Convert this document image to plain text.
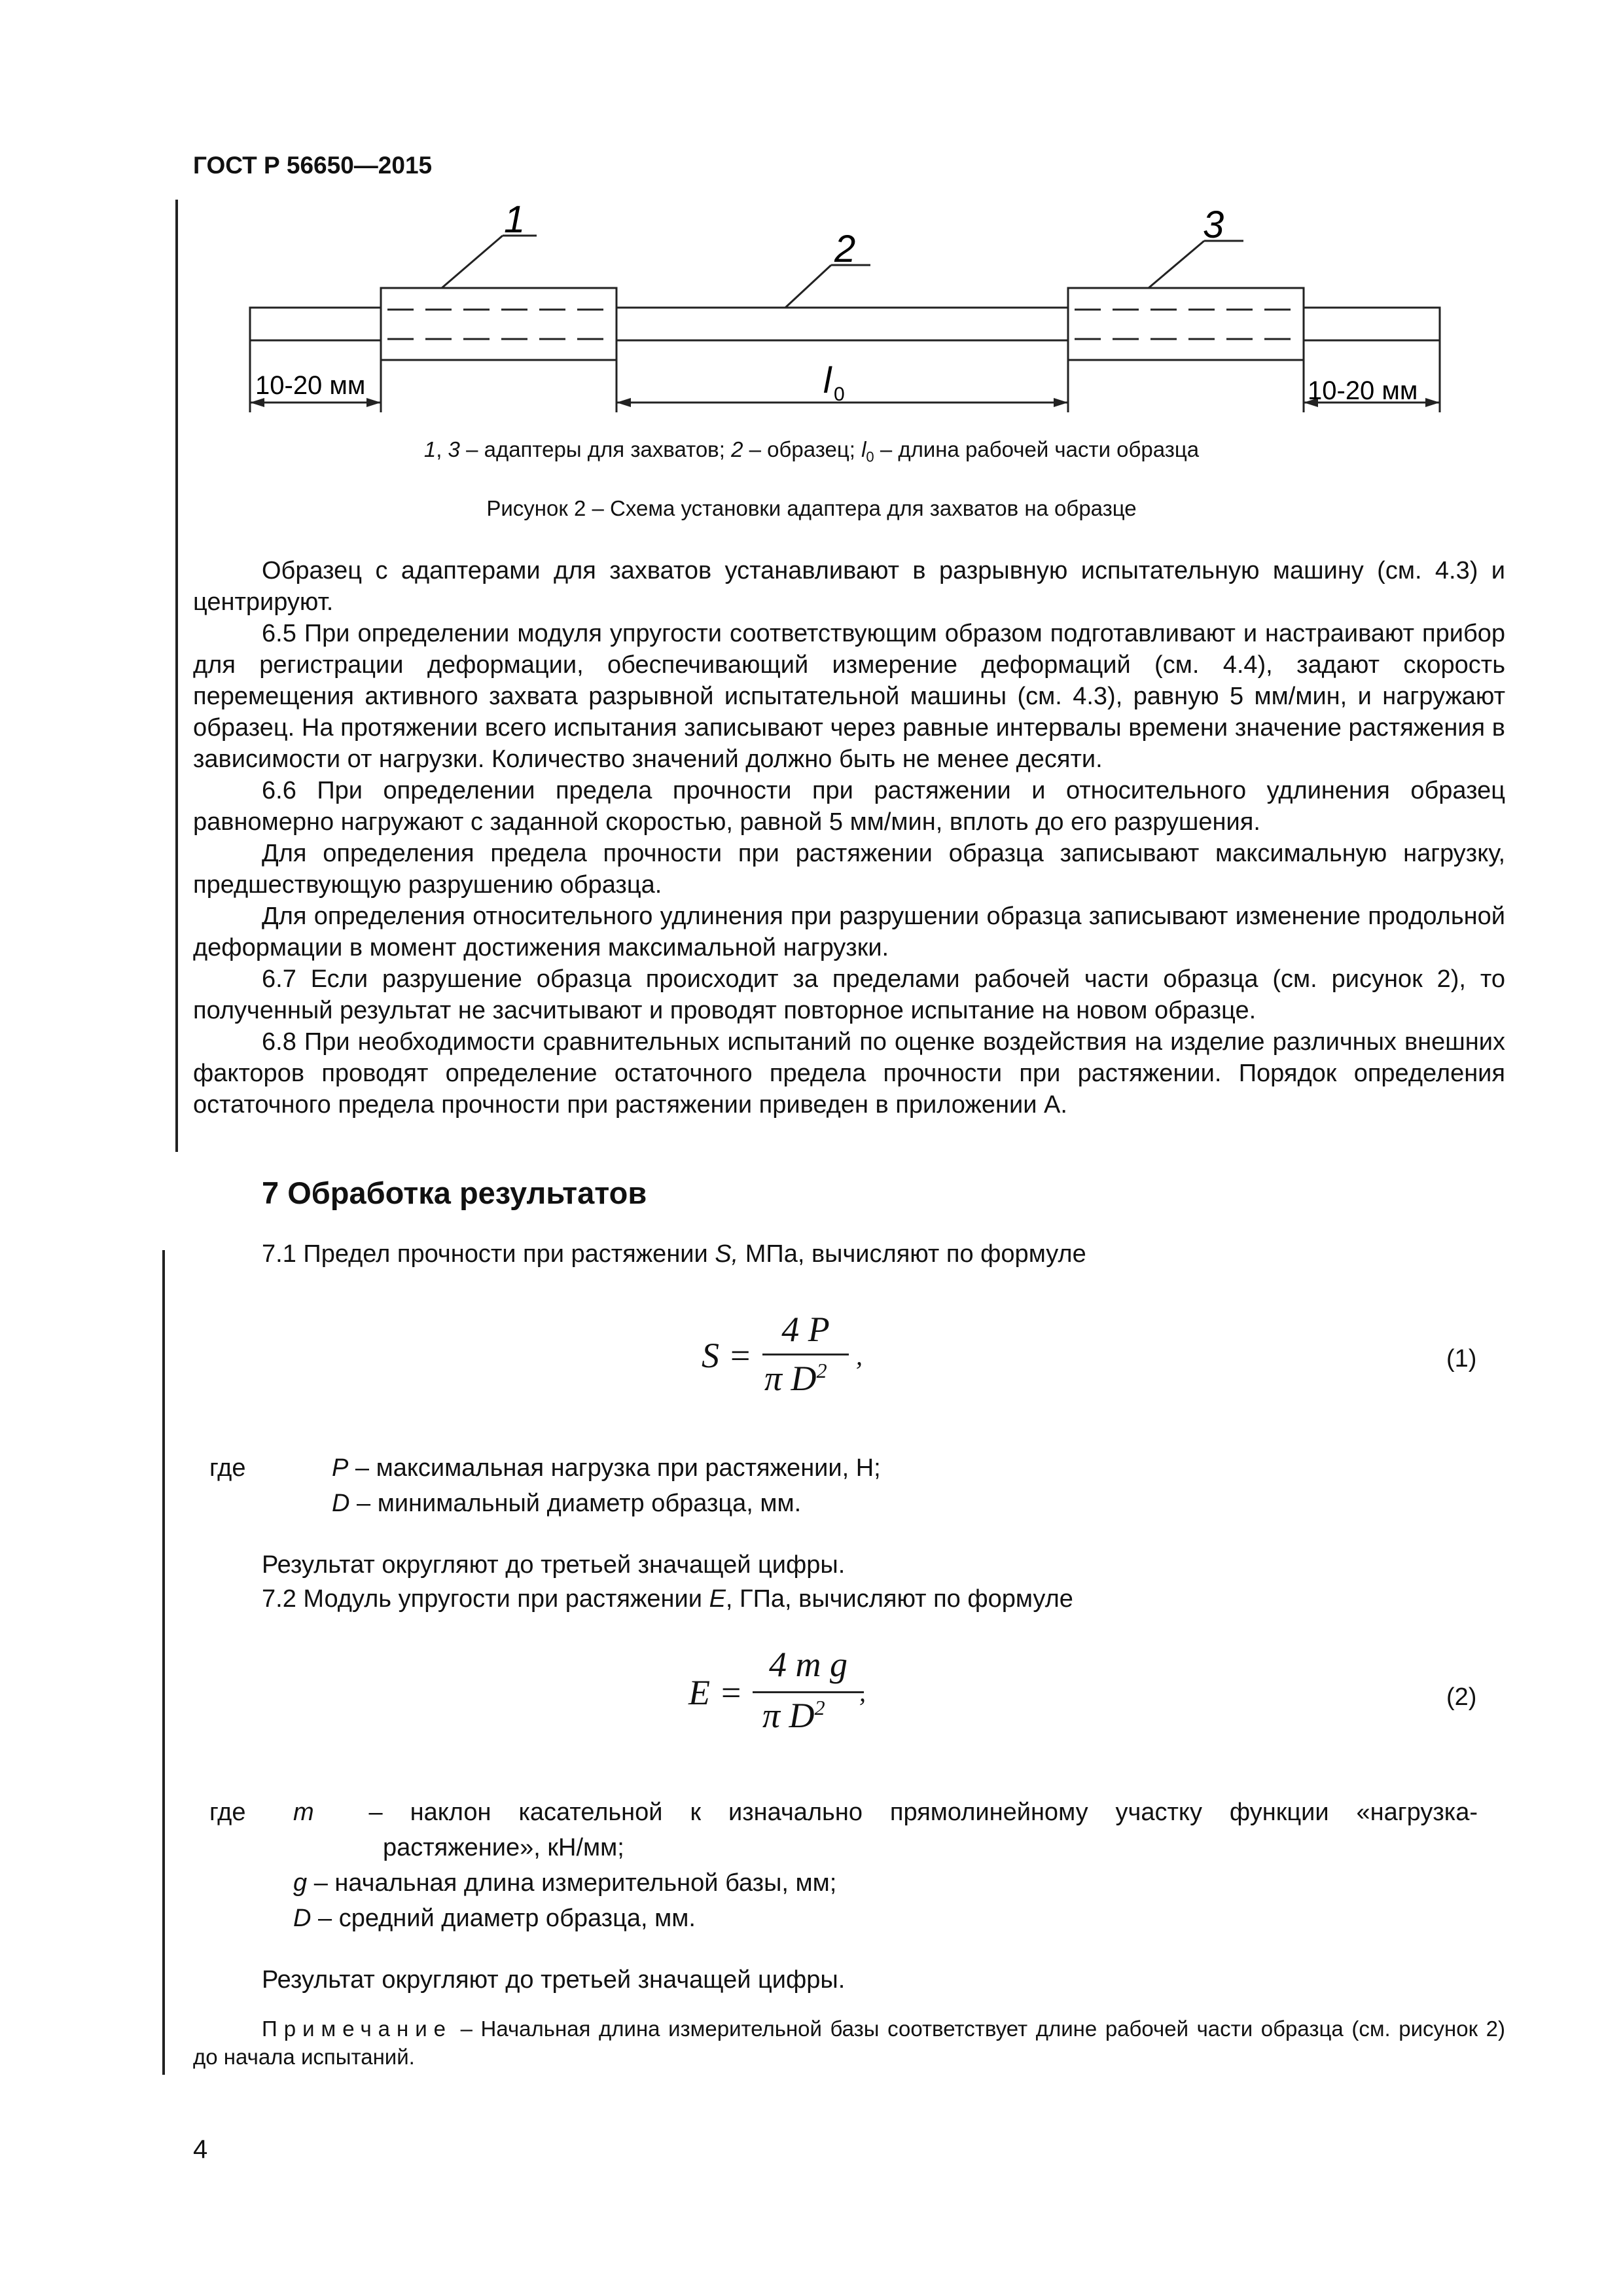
ГОСТ Р 56650—2015
1
2
3
10-20 мм	l 0	10-20 мм
1, 3 – адаптеры для захватов; 2 – образец; $l_0$ – длина рабочей части образца
Рисунок 2 – Схема установки адаптера для захватов на образце

Образец с адаптерами для захватов устанавливают в разрывную испытательную машину (см. 4.3) и центрируют.

6.5 При определении модуля упругости соответствующим образом подготавливают и настраивают прибор для регистрации деформации, обеспечивающий измерение деформаций (см. 4.4), задают скорость перемещения активного захвата разрывной испытательной машины (см. 4.3), равную 5 мм/мин, и нагружают образец. На протяжении всего испытания записывают через равные интервалы времени значение растяжения в зависимости от нагрузки. Количество значений должно быть не менее десяти.

6.6 При определении предела прочности при растяжении и относительного удлинения образец равномерно нагружают с заданной скоростью, равной 5 мм/мин, вплоть до его разрушения.

Для определения предела прочности при растяжении образца записывают максимальную нагрузку, предшествующую разрушению образца.

Для определения относительного удлинения при разрушении образца записывают изменение продольной деформации в момент достижения максимальной нагрузки.

6.7 Если разрушение образца происходит за пределами рабочей части образца (см. рисунок 2), то полученный результат не засчитывают и проводят повторное испытание на новом образце.

6.8 При необходимости сравнительных испытаний по оценке воздействия на изделие различных внешних факторов проводят определение остаточного предела прочности при растяжении. Порядок определения остаточного предела прочности при растяжении приведен в приложении А.

7 Обработка результатов
7.1 Предел прочности при растяжении S, МПа, вычисляют по формуле
S =
4 P
π $D^2$ ,	(1)
где	P – максимальная нагрузка при растяжении, Н;
D – минимальный диаметр образца, мм.
Результат округляют до третьей значащей цифры.
7.2 Модуль упругости при растяжении E, ГПа, вычисляют по формуле
E =
4 m g
π $D^2$
,	(2)
где m – наклон касательной к изначально прямолинейному участку функции «нагрузка-
растяжение», кН/мм;
g – начальная длина измерительной базы, мм;
D – средний диаметр образца, мм.
Результат округляют до третьей значащей цифры.

Примечание – Начальная длина измерительной базы соответствует длине рабочей части образца (см. рисунок 2) до начала испытаний.

4
